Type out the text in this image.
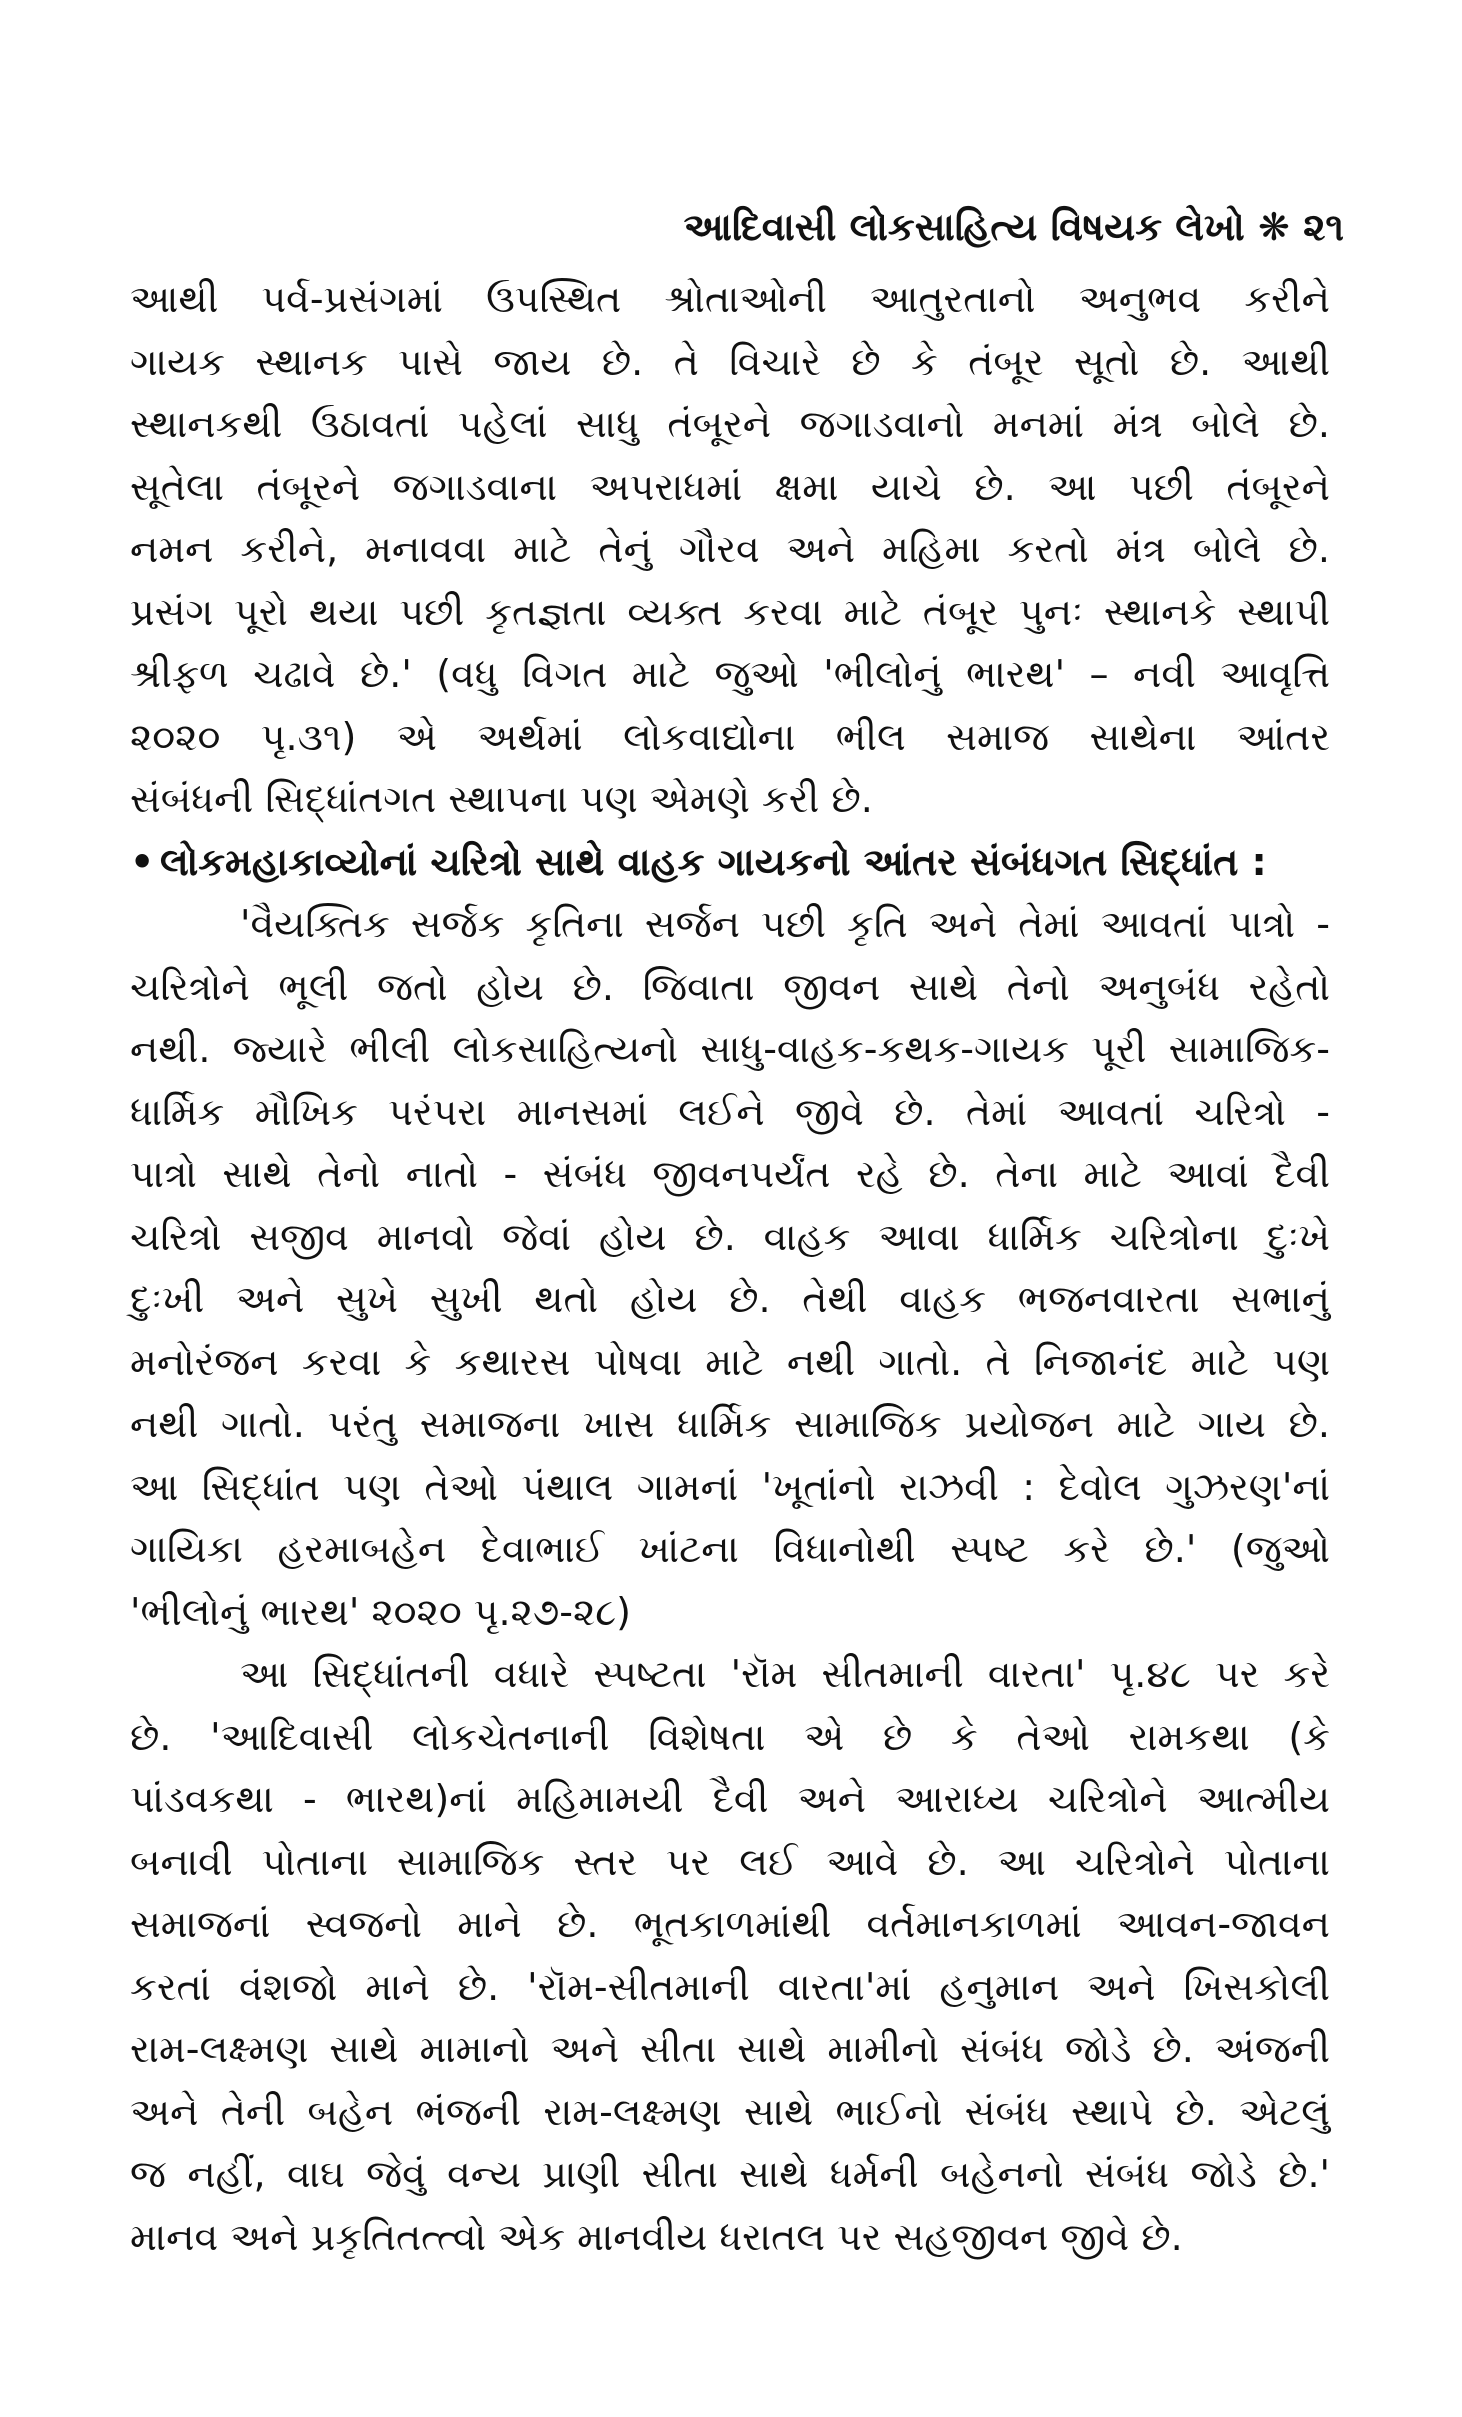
આદિવાસી લોકસાહિત્ય વિષયક લેખો ❋ ૨૧
આથી પર્વ-પ્રસંગમાં ઉપસ્થિત શ્રોતાઓની આતુરતાનો અનુભવ કરીને
ગાયક સ્થાનક પાસે જાય છે. તે વિચારે છે કે તંબૂર સૂતો છે. આથી
સ્થાનકથી ઉઠાવતાં પહેલાં સાધુ તંબૂરને જગાડવાનો મનમાં મંત્ર બોલે છે.
સૂતેલા તંબૂરને જગાડવાના અપરાધમાં ક્ષમા યાચે છે. આ પછી તંબૂરને
નમન કરીને, મનાવવા માટે તેનું ગૌરવ અને મહિમા કરતો મંત્ર બોલે છે.
પ્રસંગ પૂરો થયા પછી કૃતજ્ઞતા વ્યક્ત કરવા માટે તંબૂર પુનઃ સ્થાનકે સ્થાપી
શ્રીફળ ચઢાવે છે.' (વધુ વિગત માટે જુઓ 'ભીલોનું ભારથ' – નવી આવૃત્તિ
૨૦૨૦ પૃ.૩૧) એ અર્થમાં લોકવાદ્યોના ભીલ સમાજ સાથેના આંતર
સંબંધની સિદ્ધાંતગત સ્થાપના પણ એમણે કરી છે.
• લોકમહાકાવ્યોનાં ચરિત્રો સાથે વાહક ગાયકનો આંતર સંબંધગત સિદ્ધાંત :
'વૈયક્તિક સર્જક કૃતિના સર્જન પછી કૃતિ અને તેમાં આવતાં પાત્રો -
ચરિત્રોને ભૂલી જતો હોય છે. જિવાતા જીવન સાથે તેનો અનુબંધ રહેતો
નથી. જ્યારે ભીલી લોકસાહિત્યનો સાધુ-વાહક-કથક-ગાયક પૂરી સામાજિક-
ધાર્મિક મૌખિક પરંપરા માનસમાં લઈને જીવે છે. તેમાં આવતાં ચરિત્રો -
પાત્રો સાથે તેનો નાતો - સંબંધ જીવનપર્યંત રહે છે. તેના માટે આવાં દૈવી
ચરિત્રો સજીવ માનવો જેવાં હોય છે. વાહક આવા ધાર્મિક ચરિત્રોના દુઃખે
દુઃખી અને સુખે સુખી થતો હોય છે. તેથી વાહક ભજનવારતા સભાનું
મનોરંજન કરવા કે કથારસ પોષવા માટે નથી ગાતો. તે નિજાનંદ માટે પણ
નથી ગાતો. પરંતુ સમાજના ખાસ ધાર્મિક સામાજિક પ્રયોજન માટે ગાય છે.
આ સિદ્ધાંત પણ તેઓ પંથાલ ગામનાં 'ખૂતાંનો રાઝવી : દેવોલ ગુઝરણ'નાં
ગાયિકા હરમાબહેન દેવાભાઈ ખાંટના વિધાનોથી સ્પષ્ટ કરે છે.' (જુઓ
'ભીલોનું ભારથ' ૨૦૨૦ પૃ.૨૭-૨૮)
આ સિદ્ધાંતની વધારે સ્પષ્ટતા 'રૉમ સીતમાની વારતા' પૃ.૪૮ પર કરે
છે. 'આદિવાસી લોકચેતનાની વિશેષતા એ છે કે તેઓ રામકથા (કે
પાંડવકથા - ભારથ)નાં મહિમામયી દૈવી અને આરાધ્ય ચરિત્રોને આત્મીય
બનાવી પોતાના સામાજિક સ્તર પર લઈ આવે છે. આ ચરિત્રોને પોતાના
સમાજનાં સ્વજનો માને છે. ભૂતકાળમાંથી વર્તમાનકાળમાં આવન-જાવન
કરતાં વંશજો માને છે. 'રૉમ-સીતમાની વારતા'માં હનુમાન અને ખિસકોલી
રામ-લક્ષ્મણ સાથે મામાનો અને સીતા સાથે મામીનો સંબંધ જોડે છે. અંજની
અને તેની બહેન ભંજની રામ-લક્ષ્મણ સાથે ભાઈનો સંબંધ સ્થાપે છે. એટલું
જ નહીં, વાઘ જેવું વન્ય પ્રાણી સીતા સાથે ધર્મની બહેનનો સંબંધ જોડે છે.'
માનવ અને પ્રકૃતિતત્ત્વો એક માનવીય ધરાતલ પર સહજીવન જીવે છે.
